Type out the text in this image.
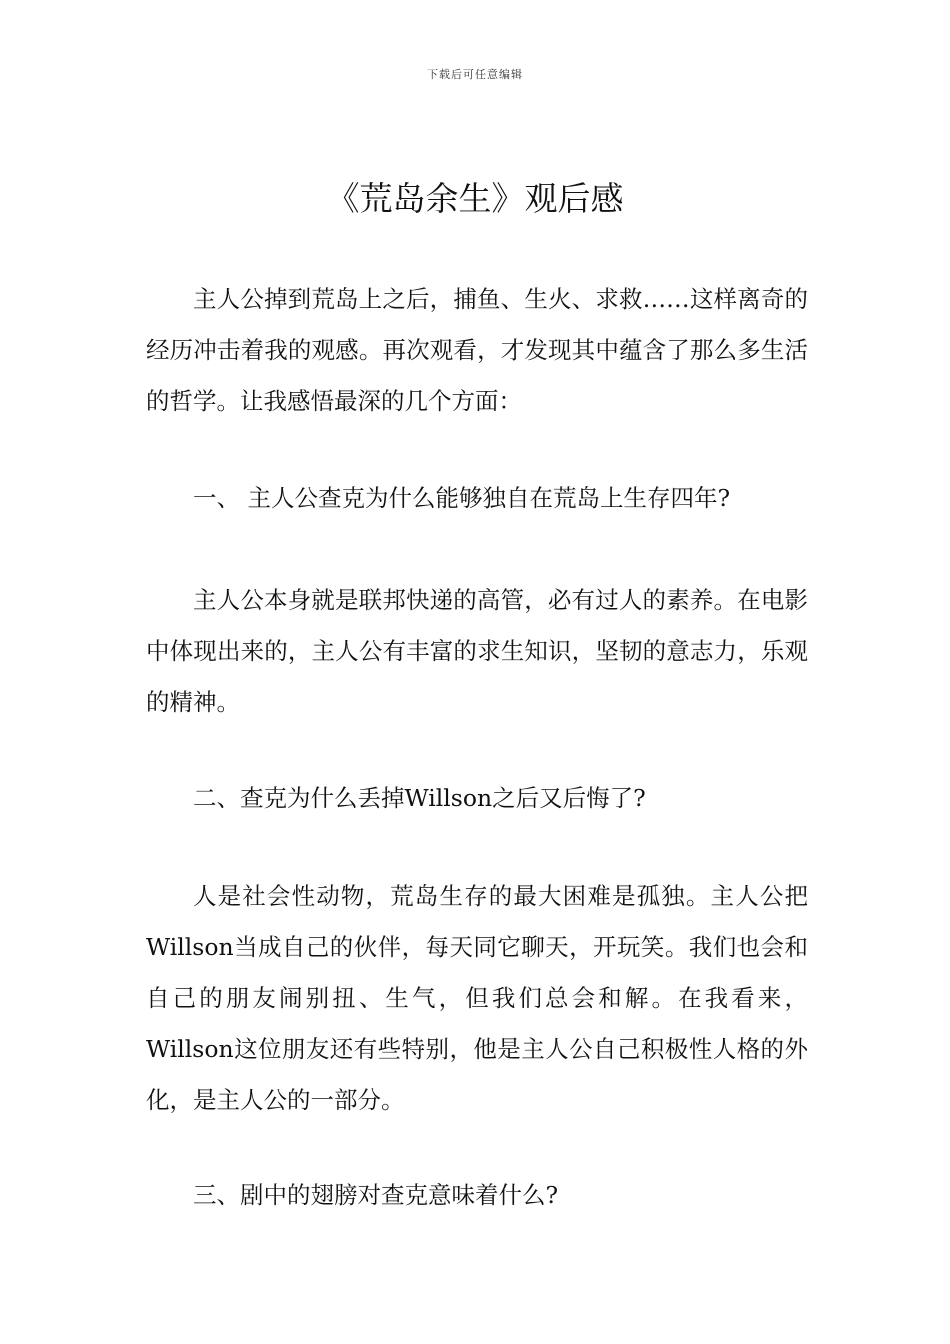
下载后可任意编辑
《荒岛余生》观后感

主人公掉到荒岛上之后，捕鱼、生火、求救……这样离奇的经历冲击着我的观感。再次观看，才发现其中蕴含了那么多生活的哲学。让我感悟最深的几个方面：

一、 主人公查克为什么能够独自在荒岛上生存四年?

主人公本身就是联邦快递的高管，必有过人的素养。在电影中体现出来的，主人公有丰富的求生知识，坚韧的意志力，乐观的精神。

二、查克为什么丢掉Willson之后又后悔了?

人是社会性动物，荒岛生存的最大困难是孤独。主人公把Willson当成自己的伙伴，每天同它聊天，开玩笑。我们也会和自己的朋友闹别扭、生气，但我们总会和解。在我看来，Willson这位朋友还有些特别，他是主人公自己积极性人格的外化，是主人公的一部分。

三、剧中的翅膀对查克意味着什么?
